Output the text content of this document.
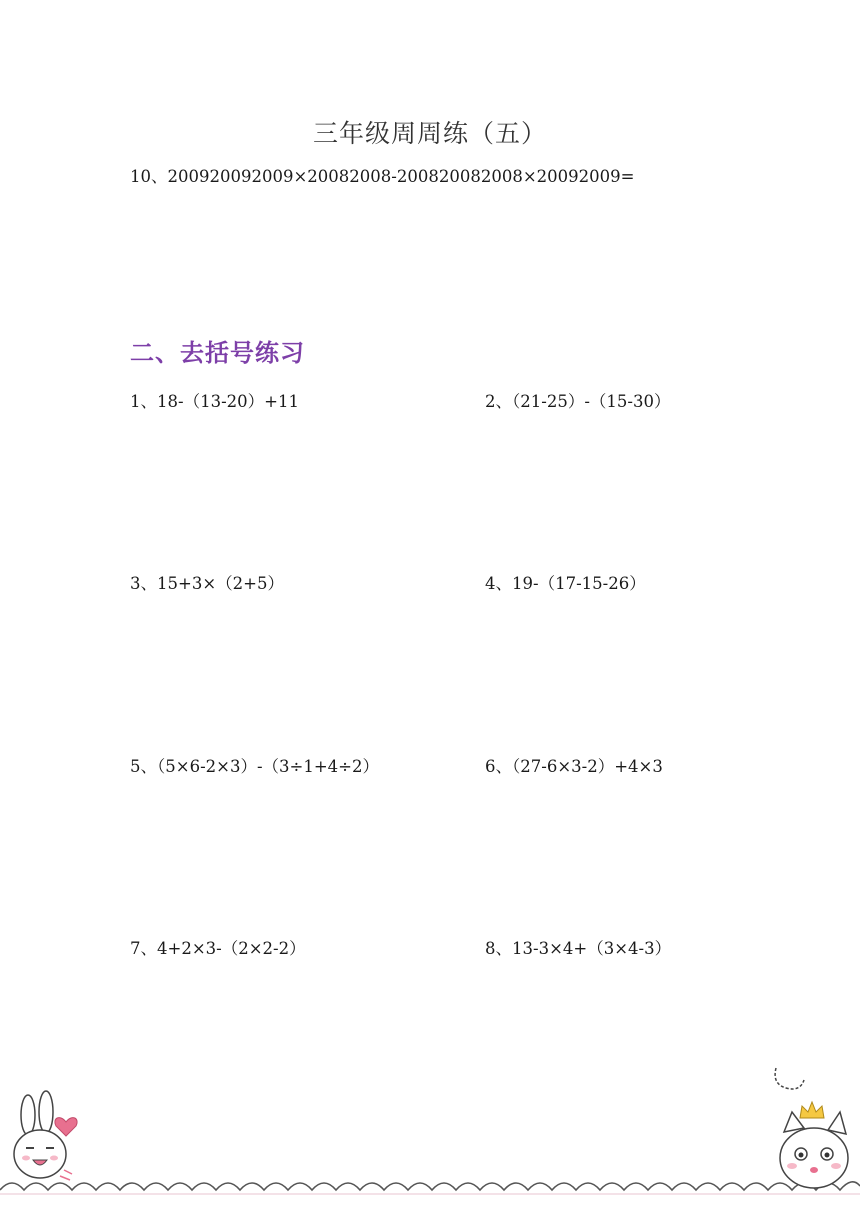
三年级周周练（五）
10、200920092009×20082008-200820082008×20092009=
二、去括号练习
1、18-（13-20）+11	2、（21-25）-（15-30）
3、15+3×（2+5）	4、19-（17-15-26）
5、（5×6-2×3）-（3÷1+4÷2）	6、（27-6×3-2）+4×3
7、4+2×3-（2×2-2）	8、13-3×4+（3×4-3）
